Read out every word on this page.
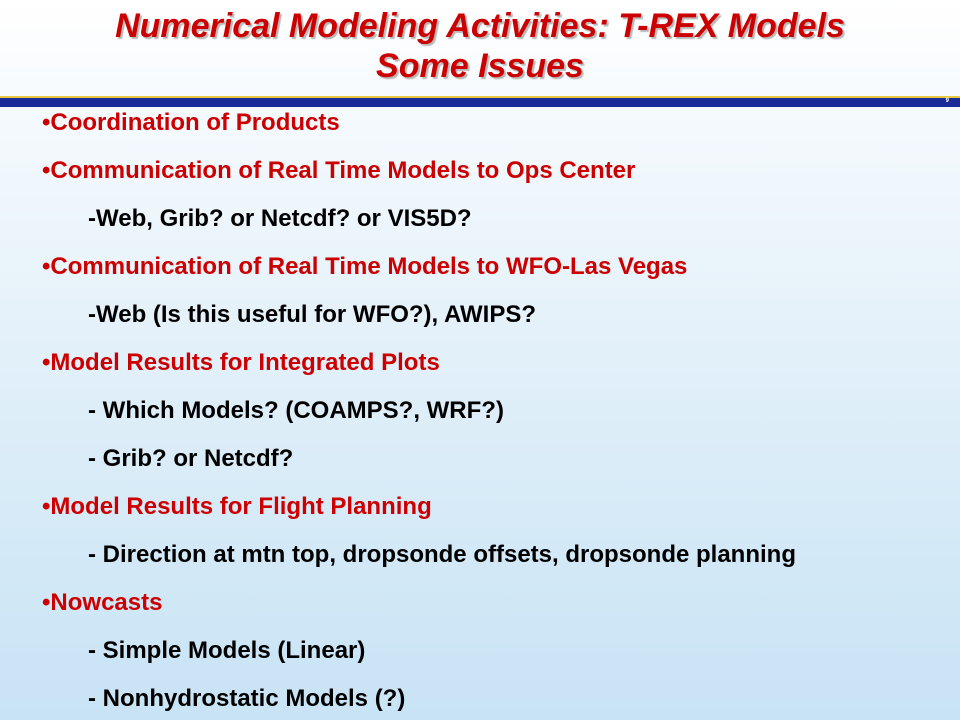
Numerical Modeling Activities: T-REX Models
Some Issues
9
•Coordination of Products
•Communication of Real Time Models to Ops Center
-Web, Grib? or Netcdf? or VIS5D?
•Communication of Real Time Models to WFO-Las Vegas
-Web (Is this useful for WFO?), AWIPS?
•Model Results for Integrated Plots
- Which Models? (COAMPS?, WRF?)
- Grib? or Netcdf?
•Model Results for Flight Planning
- Direction at mtn top, dropsonde offsets, dropsonde planning
•Nowcasts
- Simple Models (Linear)
- Nonhydrostatic Models (?)
